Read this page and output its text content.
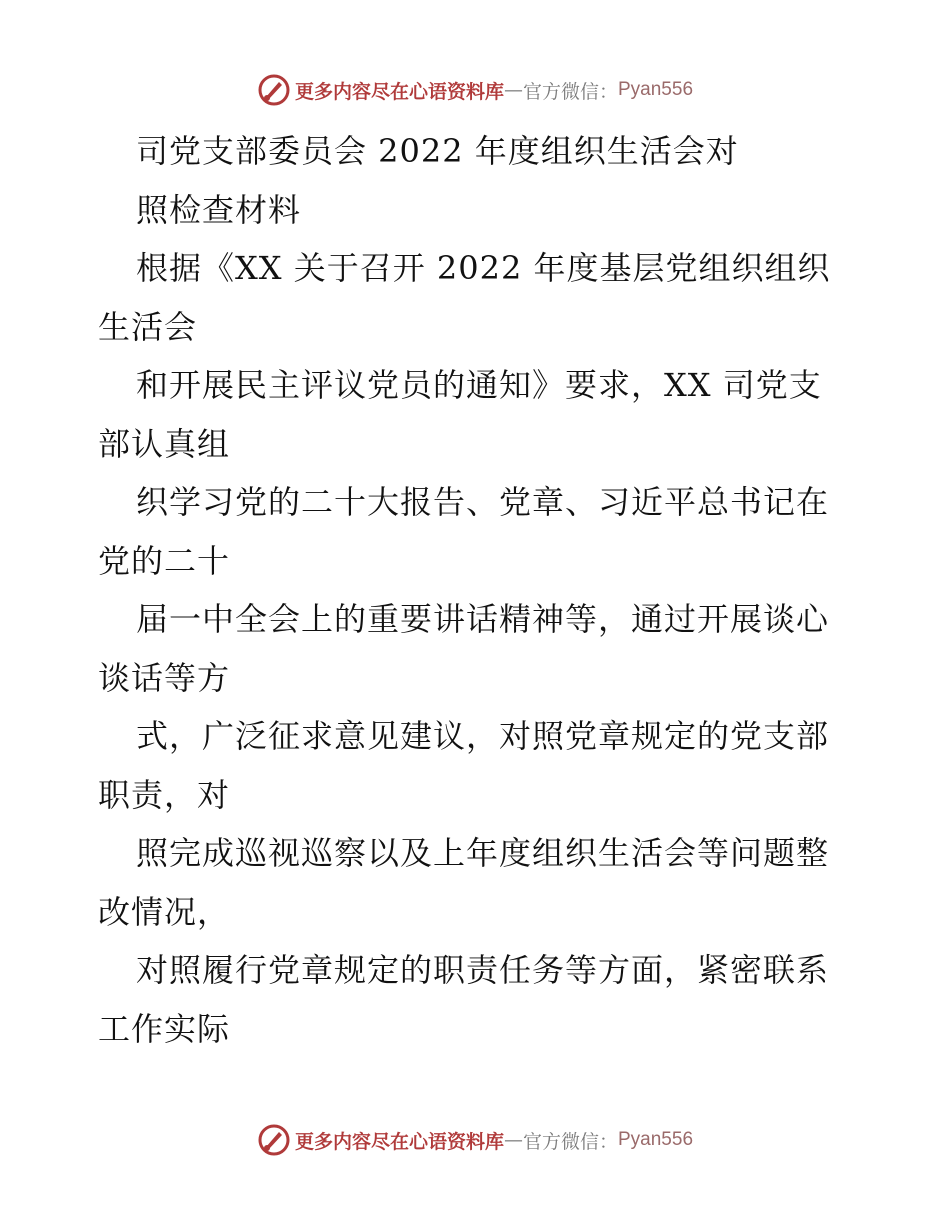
更多内容尽在心语资料库 — 官方微信： Pyan556
司党支部委员会 2022 年度组织生活会对
照检查材料
根据《XX 关于召开 2022 年度基层党组织组织
生活会
和开展民主评议党员的通知》要求，XX 司党支
部认真组
织学习党的二十大报告、党章、习近平总书记在
党的二十
届一中全会上的重要讲话精神等，通过开展谈心
谈话等方
式，广泛征求意见建议，对照党章规定的党支部
职责，对
照完成巡视巡察以及上年度组织生活会等问题整
改情况，
对照履行党章规定的职责任务等方面，紧密联系
工作实际
更多内容尽在心语资料库 — 官方微信： Pyan556
